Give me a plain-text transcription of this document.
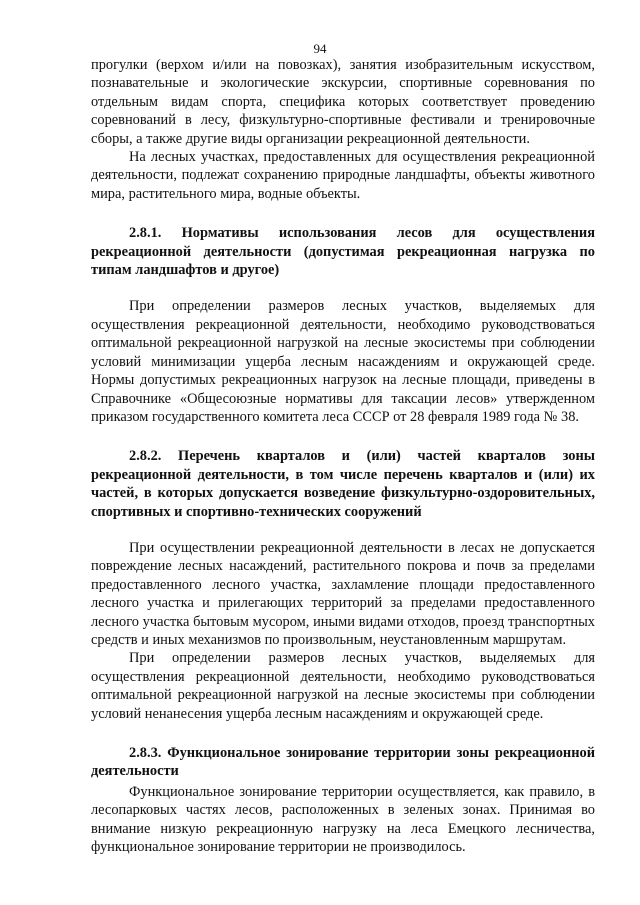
94

прогулки (верхом и/или на повозках), занятия изобразительным искусством, познавательные и экологические экскурсии, спортивные соревнования по отдельным видам спорта, специфика которых соответствует проведению соревнований в лесу, физкультурно-спортивные фестивали и тренировочные сборы, а также другие виды организации рекреационной деятельности.

На лесных участках, предоставленных для осуществления рекреационной деятельности, подлежат сохранению природные ландшафты, объекты животного мира, растительного мира, водные объекты.

2.8.1. Нормативы использования лесов для осуществления рекреационной деятельности (допустимая рекреационная нагрузка по типам ландшафтов и другое)

При определении размеров лесных участков, выделяемых для осуществления рекреационной деятельности, необходимо руководствоваться оптимальной рекреационной нагрузкой на лесные экосистемы при соблюдении условий минимизации ущерба лесным насаждениям и окружающей среде. Нормы допустимых рекреационных нагрузок на лесные площади, приведены в Справочнике «Общесоюзные нормативы для таксации лесов» утвержденном приказом государственного комитета леса СССР от 28 февраля 1989 года № 38.

2.8.2. Перечень кварталов и (или) частей кварталов зоны рекреационной деятельности, в том числе перечень кварталов и (или) их частей, в которых допускается возведение физкультурно-оздоровительных, спортивных и спортивно-технических сооружений

При осуществлении рекреационной деятельности в лесах не допускается повреждение лесных насаждений, растительного покрова и почв за пределами предоставленного лесного участка, захламление площади предоставленного лесного участка и прилегающих территорий за пределами предоставленного лесного участка бытовым мусором, иными видами отходов, проезд транспортных средств и иных механизмов по произвольным, неустановленным маршрутам.

При определении размеров лесных участков, выделяемых для осуществления рекреационной деятельности, необходимо руководствоваться оптимальной рекреационной нагрузкой на лесные экосистемы при соблюдении условий ненанесения ущерба лесным насаждениям и окружающей среде.

2.8.3. Функциональное зонирование территории зоны рекреационной деятельности

Функциональное зонирование территории осуществляется, как правило, в лесопарковых частях лесов, расположенных в зеленых зонах. Принимая во внимание низкую рекреационную нагрузку на леса Емецкого лесничества, функциональное зонирование территории не производилось.
